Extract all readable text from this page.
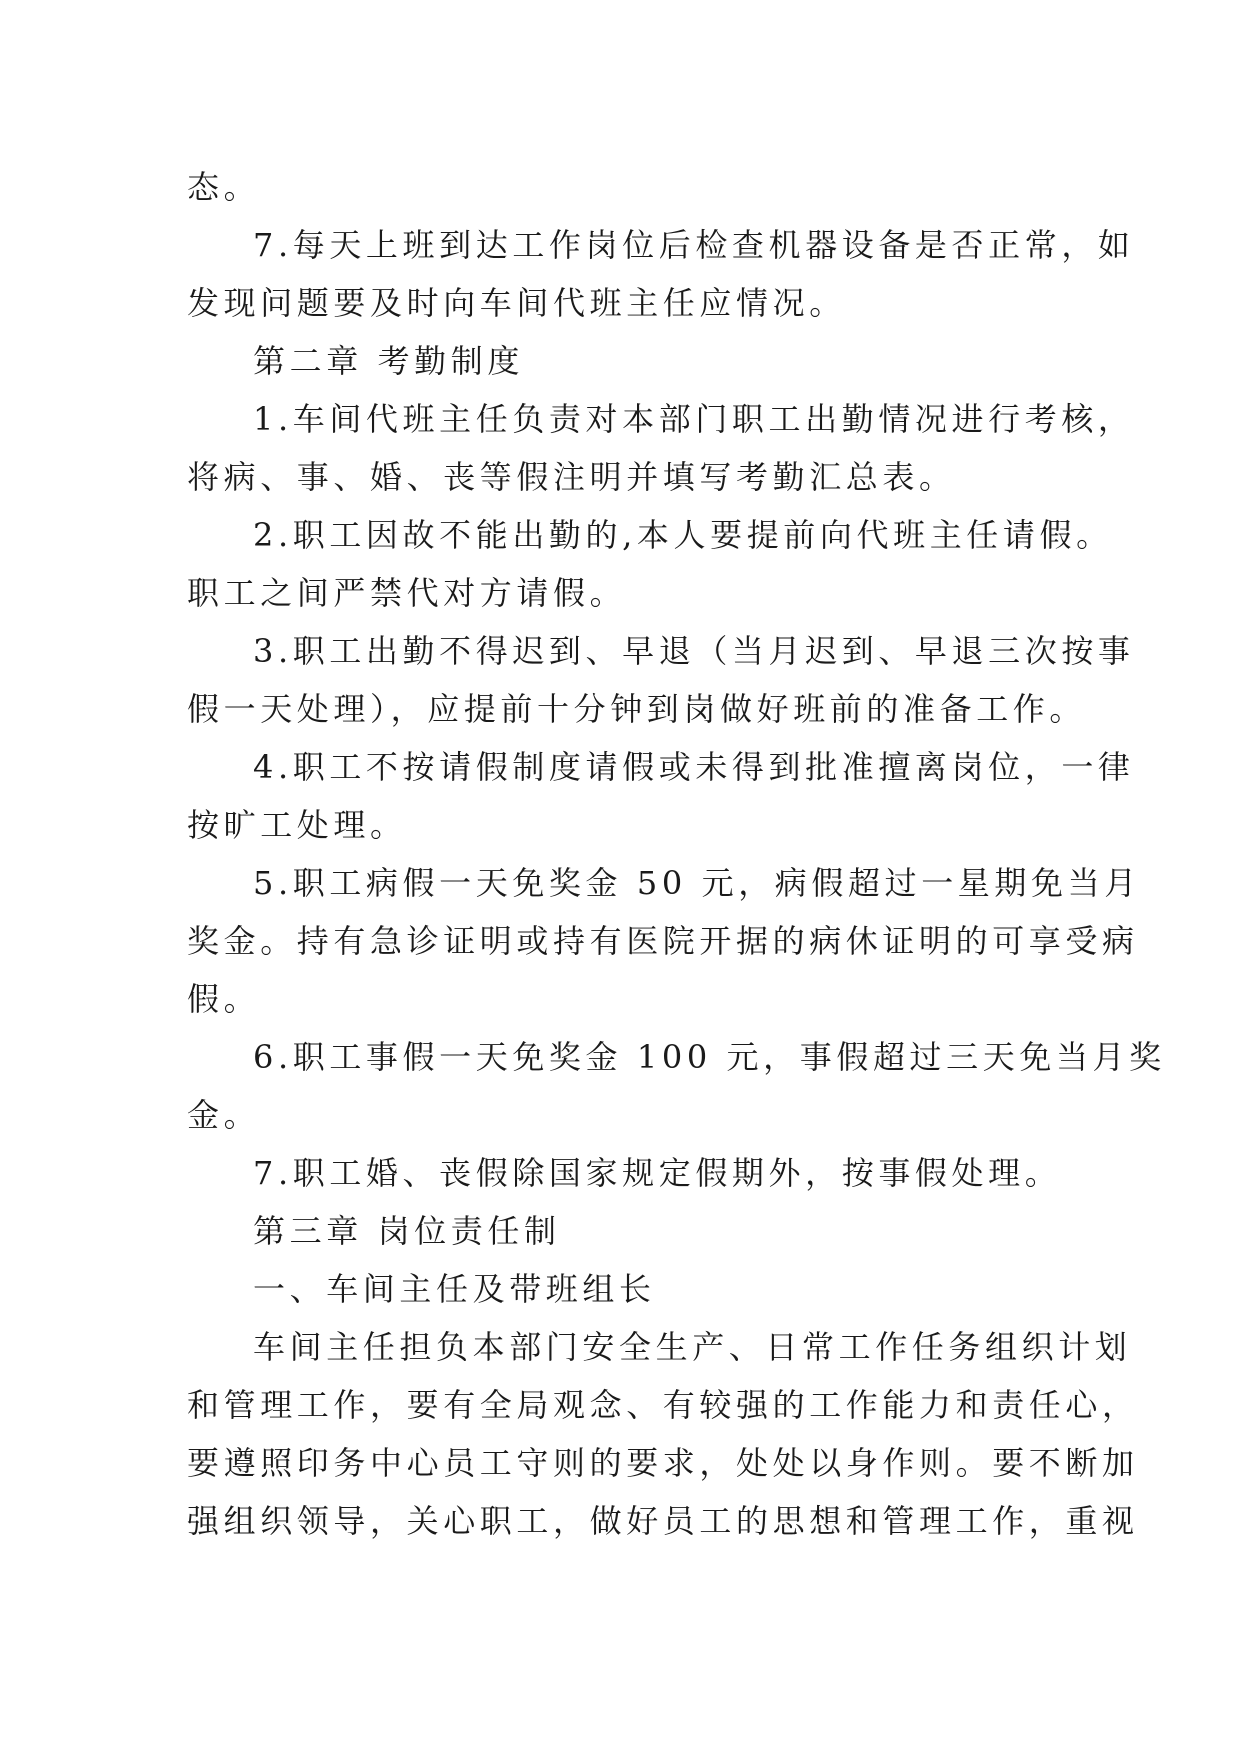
态。
7.每天上班到达工作岗位后检查机器设备是否正常，如
发现问题要及时向车间代班主任应情况。
第二章 考勤制度
1.车间代班主任负责对本部门职工出勤情况进行考核，
将病、事、婚、丧等假注明并填写考勤汇总表。
2.职工因故不能出勤的,本人要提前向代班主任请假。
职工之间严禁代对方请假。
3.职工出勤不得迟到、早退（当月迟到、早退三次按事
假一天处理），应提前十分钟到岗做好班前的准备工作。
4.职工不按请假制度请假或未得到批准擅离岗位，一律
按旷工处理。
5.职工病假一天免奖金 50 元，病假超过一星期免当月
奖金。持有急诊证明或持有医院开据的病休证明的可享受病
假。
6.职工事假一天免奖金 100 元，事假超过三天免当月奖
金。
7.职工婚、丧假除国家规定假期外，按事假处理。
第三章 岗位责任制
一、车间主任及带班组长
车间主任担负本部门安全生产、日常工作任务组织计划
和管理工作，要有全局观念、有较强的工作能力和责任心，
要遵照印务中心员工守则的要求，处处以身作则。要不断加
强组织领导，关心职工，做好员工的思想和管理工作，重视
